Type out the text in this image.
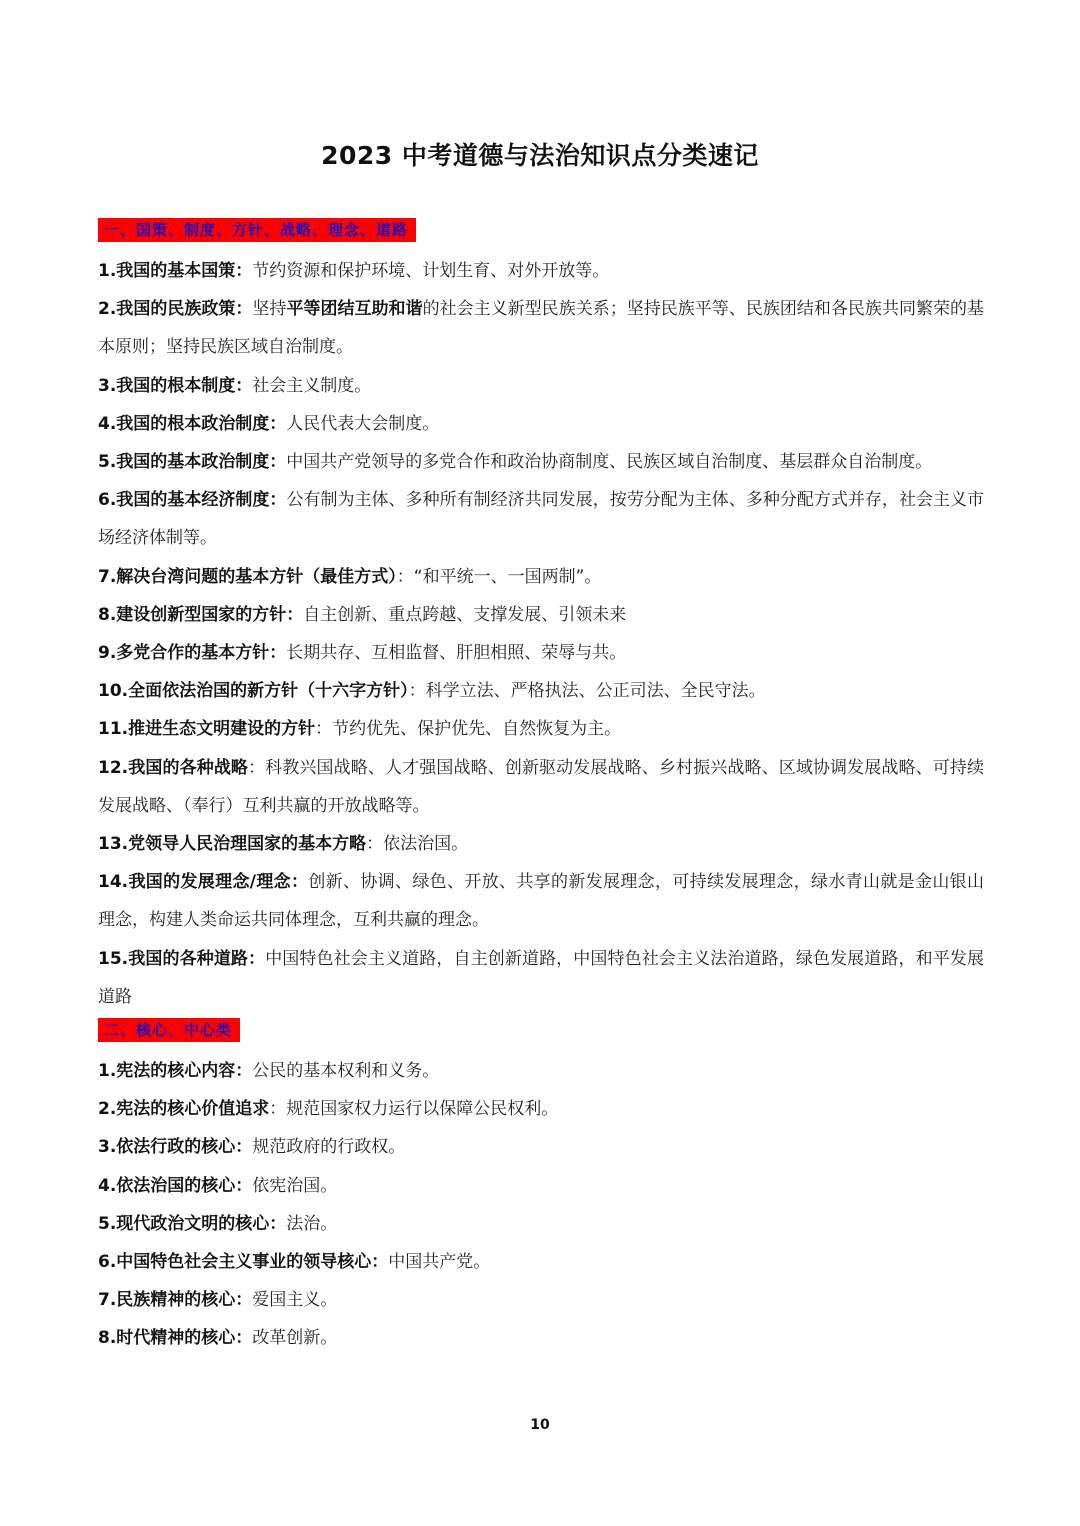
2023 中考道德与法治知识点分类速记
一、国策、制度、方针、战略、理念、道路
1.我国的基本国策：节约资源和保护环境、计划生育、对外开放等。
2.我国的民族政策：坚持平等团结互助和谐的社会主义新型民族关系；坚持民族平等、民族团结和各民族共同繁荣的基本原则；坚持民族区域自治制度。
3.我国的根本制度：社会主义制度。
4.我国的根本政治制度：人民代表大会制度。
5.我国的基本政治制度：中国共产党领导的多党合作和政治协商制度、民族区域自治制度、基层群众自治制度。
6.我国的基本经济制度：公有制为主体、多种所有制经济共同发展，按劳分配为主体、多种分配方式并存，社会主义市场经济体制等。
7.解决台湾问题的基本方针（最佳方式）：“和平统一、一国两制”。
8.建设创新型国家的方针：自主创新、重点跨越、支撑发展、引领未来
9.多党合作的基本方针：长期共存、互相监督、肝胆相照、荣辱与共。
10.全面依法治国的新方针（十六字方针）：科学立法、严格执法、公正司法、全民守法。
11.推进生态文明建设的方针：节约优先、保护优先、自然恢复为主。
12.我国的各种战略：科教兴国战略、人才强国战略、创新驱动发展战略、乡村振兴战略、区域协调发展战略、可持续发展战略、（奉行）互利共赢的开放战略等。
13.党领导人民治理国家的基本方略：依法治国。
14.我国的发展理念/理念：创新、协调、绿色、开放、共享的新发展理念，可持续发展理念，绿水青山就是金山银山理念，构建人类命运共同体理念，互利共赢的理念。
15.我国的各种道路：中国特色社会主义道路，自主创新道路，中国特色社会主义法治道路，绿色发展道路，和平发展道路
二、核心、中心类
1.宪法的核心内容：公民的基本权利和义务。
2.宪法的核心价值追求：规范国家权力运行以保障公民权利。
3.依法行政的核心：规范政府的行政权。
4.依法治国的核心：依宪治国。
5.现代政治文明的核心：法治。
6.中国特色社会主义事业的领导核心：中国共产党。
7.民族精神的核心：爱国主义。
8.时代精神的核心：改革创新。
10
